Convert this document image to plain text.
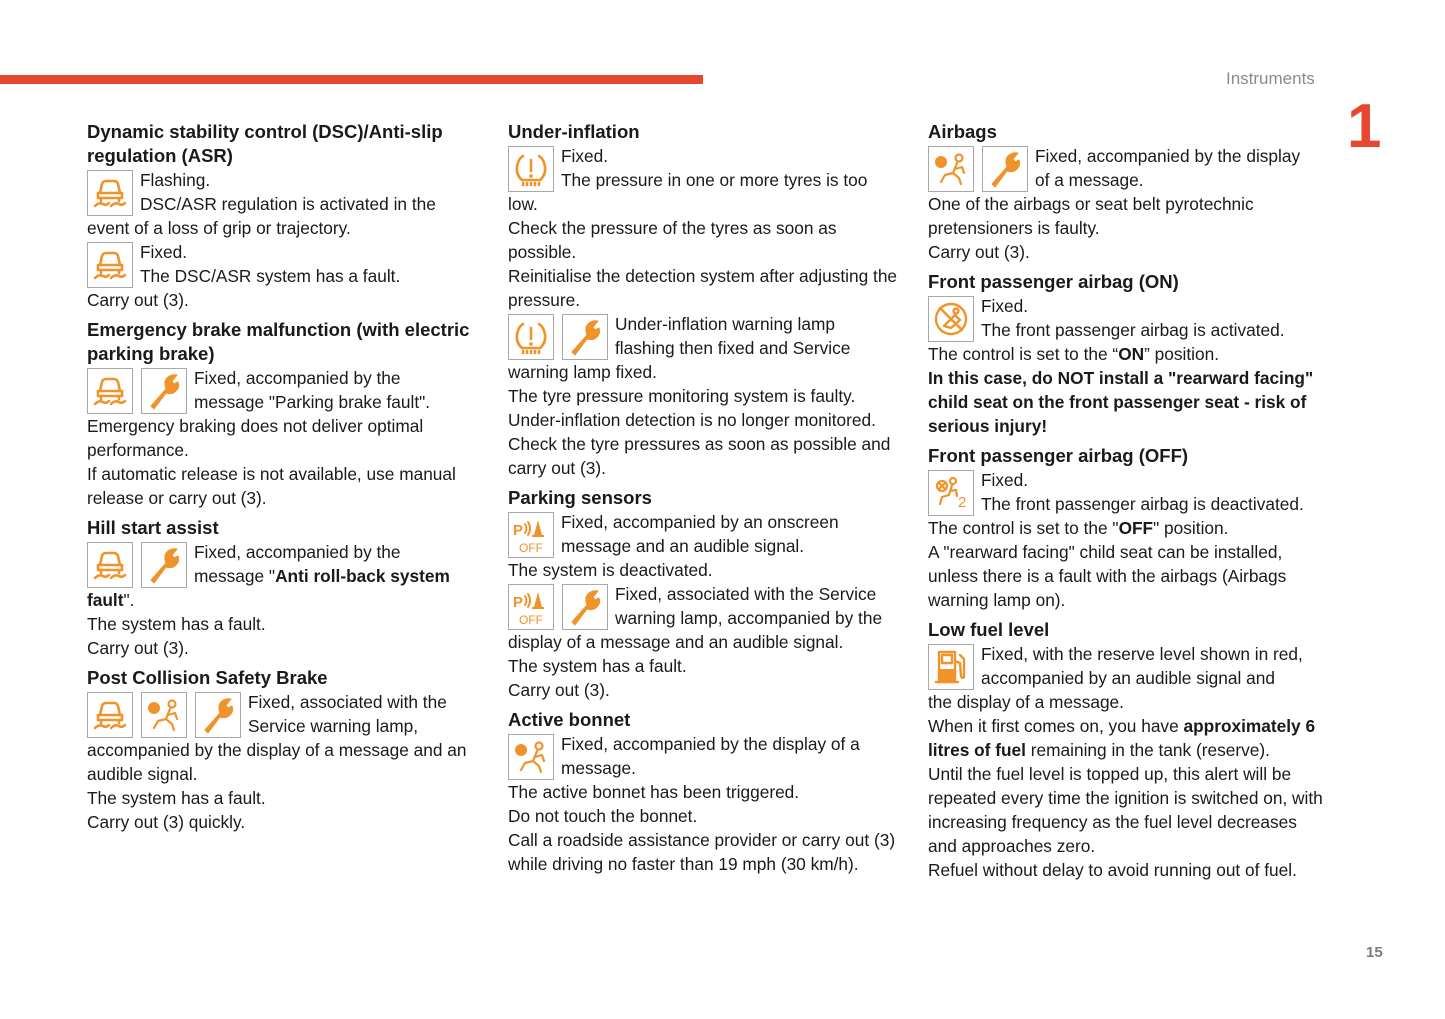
Instruments
1
15
Dynamic stability control (DSC)/Anti-slip regulation (ASR)

Flashing.

DSC/ASR regulation is activated in the

event of a loss of grip or trajectory.

Fixed.

The DSC/ASR system has a fault.

Carry out (3).

Emergency brake malfunction (with electric parking brake)

Fixed, accompanied by the

message "Parking brake fault".

Emergency braking does not deliver optimal performance.

If automatic release is not available, use manual release or carry out (3).

Hill start assist

Fixed, accompanied by the

message "Anti roll-back system

fault".

The system has a fault.

Carry out (3).

Post Collision Safety Brake

Fixed, associated with the

Service warning lamp,

accompanied by the display of a message and an audible signal.

The system has a fault.

Carry out (3) quickly.

Under-inflation

Fixed.

The pressure in one or more tyres is too

low.

Check the pressure of the tyres as soon as possible.

Reinitialise the detection system after adjusting the pressure.

Under-inflation warning lamp

flashing then fixed and Service

warning lamp fixed.

The tyre pressure monitoring system is faulty.

Under-inflation detection is no longer monitored.

Check the tyre pressures as soon as possible and carry out (3).

Parking sensors
OFF

Fixed, accompanied by an onscreen

message and an audible signal.

The system is deactivated.

OFF

Fixed, associated with the Service

warning lamp, accompanied by the

display of a message and an audible signal.

The system has a fault.

Carry out (3).

Active bonnet

Fixed, accompanied by the display of a

message.

The active bonnet has been triggered.

Do not touch the bonnet.

Call a roadside assistance provider or carry out (3) while driving no faster than 19 mph (30 km/h).

Airbags

Fixed, accompanied by the display

of a message.

One of the airbags or seat belt pyrotechnic pretensioners is faulty.

Carry out (3).

Front passenger airbag (ON)

Fixed.

The front passenger airbag is activated.

The control is set to the “ON” position.

In this case, do NOT install a "rearward facing" child seat on the front passenger seat - risk of serious injury!

Front passenger airbag (OFF)

Fixed.

The front passenger airbag is deactivated.

The control is set to the "OFF" position.

A "rearward facing" child seat can be installed, unless there is a fault with the airbags (Airbags warning lamp on).

Low fuel level

Fixed, with the reserve level shown in red,

accompanied by an audible signal and

the display of a message.

When it first comes on, you have approximately 6 litres of fuel remaining in the tank (reserve).

Until the fuel level is topped up, this alert will be repeated every time the ignition is switched on, with increasing frequency as the fuel level decreases and approaches zero.

Refuel without delay to avoid running out of fuel.
